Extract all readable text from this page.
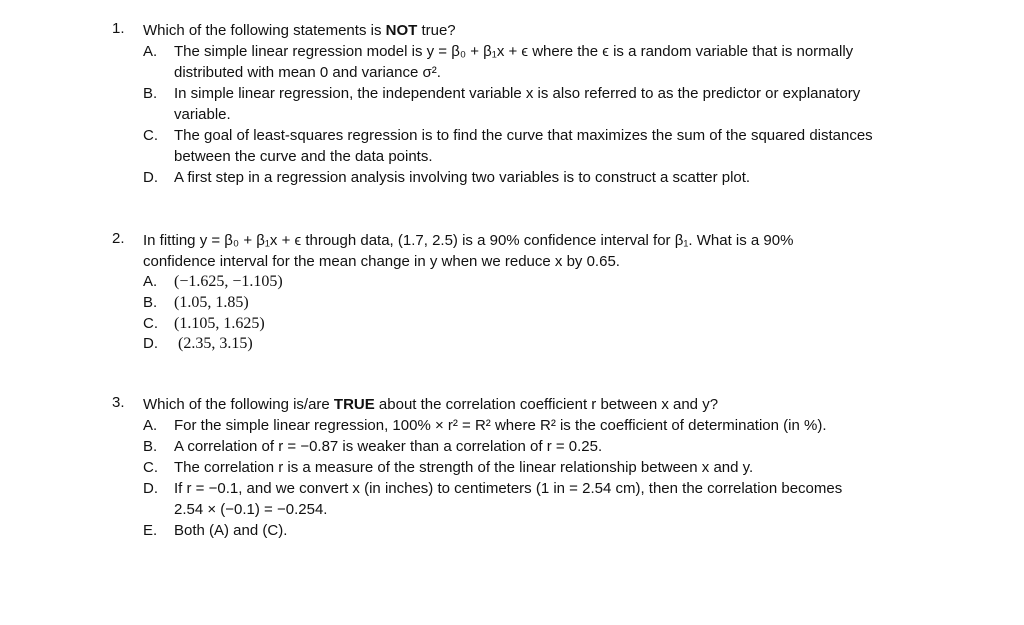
1. Which of the following statements is NOT true?
A.	The simple linear regression model is y = β₀ + β₁x + ϵ where the ϵ is a random variable that is normally
distributed with mean 0 and variance σ².
B.	In simple linear regression, the independent variable x is also referred to as the predictor or explanatory
variable.
C.	The goal of least-squares regression is to find the curve that maximizes the sum of the squared distances
between the curve and the data points.
D.	A first step in a regression analysis involving two variables is to construct a scatter plot.
2. In fitting y = β₀ + β₁x + ϵ through data, (1.7, 2.5) is a 90% confidence interval for β₁. What is a 90%
confidence interval for the mean change in y when we reduce x by 0.65.
A.	(−1.625, −1.105)
B.	(1.05, 1.85)
C.	(1.105, 1.625)
D.	(2.35, 3.15)
3. Which of the following is/are TRUE about the correlation coefficient r between x and y?
A.	For the simple linear regression, 100% × r² = R² where R² is the coefficient of determination (in %).
B.	A correlation of r = −0.87 is weaker than a correlation of r = 0.25.
C.	The correlation r is a measure of the strength of the linear relationship between x and y.
D.	If r = −0.1, and we convert x (in inches) to centimeters (1 in = 2.54 cm), then the correlation becomes
2.54 × (−0.1) = −0.254.
E.	Both (A) and (C).
